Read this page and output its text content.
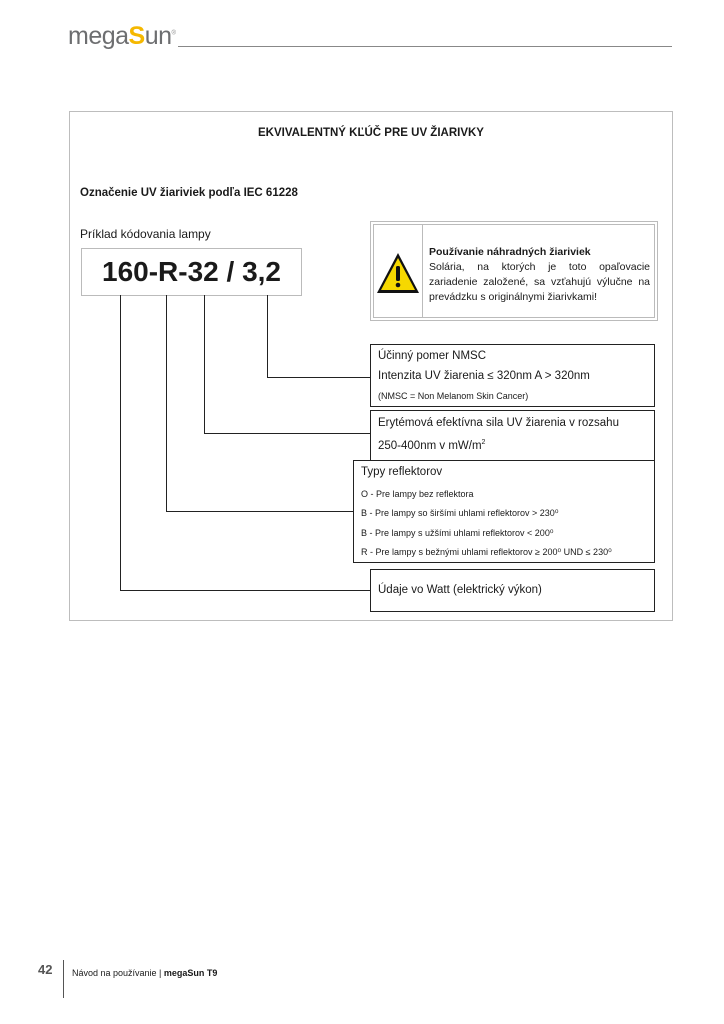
megaSun®
EKVIVALENTNÝ KĽÚČ PRE UV ŽIARIVKY
Označenie UV žiariviek podľa IEC 61228
Príklad kódovania lampy
160-R-32 / 3,2
Používanie náhradných žiariviek
Solária, na ktorých je toto opaľovacie zariadenie založené, sa vzťahujú výlučne na prevádzku s originálnymi žiarivkami!
Účinný pomer NMSC
Intenzita UV žiarenia ≤ 320nm A > 320nm
(NMSC = Non Melanom Skin Cancer)
Erytémová efektívna sila UV žiarenia v rozsahu
250-400nm v $mW/m^2$
Typy reflektorov
O - Pre lampy bez reflektora
B - Pre lampy so širšími uhlami reflektorov > 230⁰
B - Pre lampy s užšími uhlami reflektorov < 200⁰
R - Pre lampy s bežnými uhlami reflektorov ≥ 200⁰ UND ≤ 230⁰
Údaje vo Watt (elektrický výkon)
42 Návod na používanie | megaSun T9
